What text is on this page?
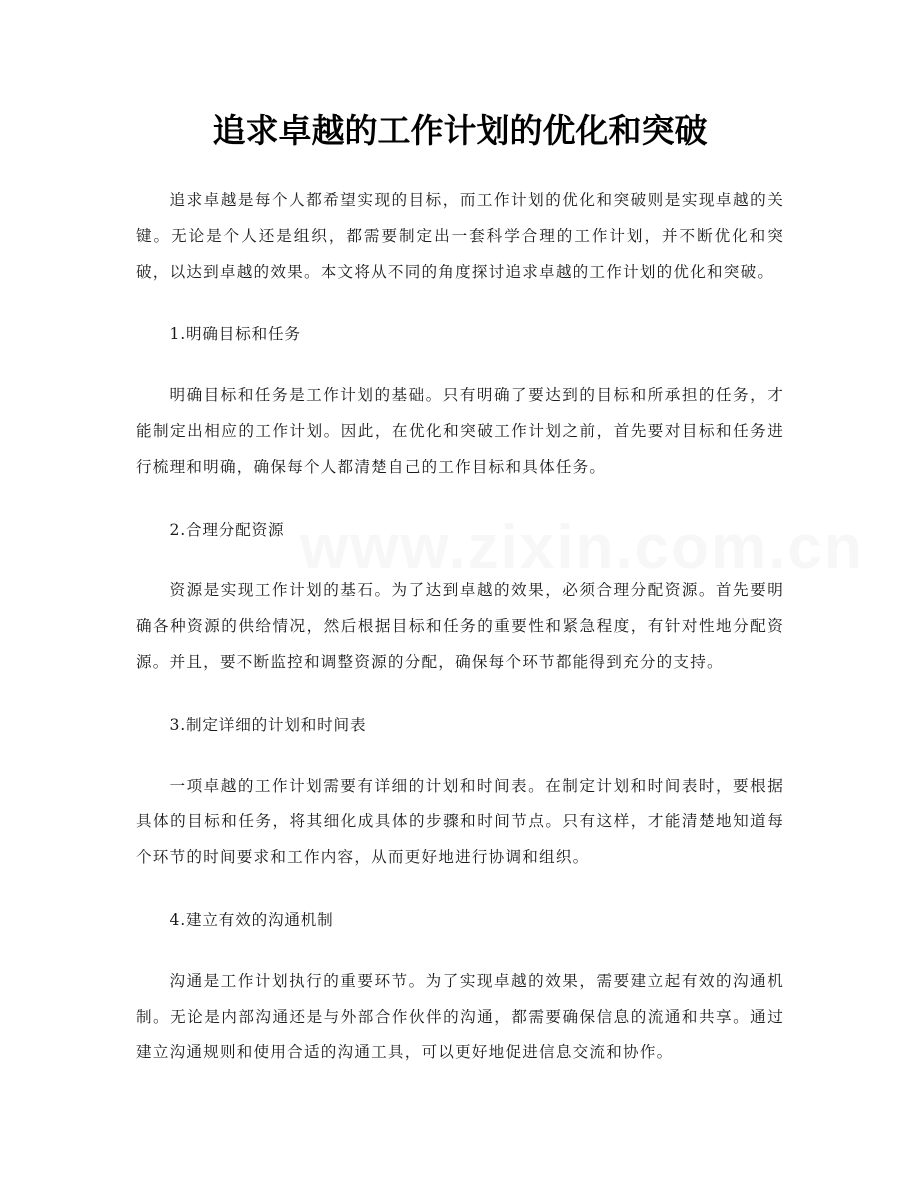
www.zixin.com.cn
追求卓越的工作计划的优化和突破

追求卓越是每个人都希望实现的目标，而工作计划的优化和突破则是实现卓越的关键。无论是个人还是组织，都需要制定出一套科学合理的工作计划，并不断优化和突破，以达到卓越的效果。本文将从不同的角度探讨追求卓越的工作计划的优化和突破。

1.明确目标和任务

明确目标和任务是工作计划的基础。只有明确了要达到的目标和所承担的任务，才能制定出相应的工作计划。因此，在优化和突破工作计划之前，首先要对目标和任务进行梳理和明确，确保每个人都清楚自己的工作目标和具体任务。

2.合理分配资源

资源是实现工作计划的基石。为了达到卓越的效果，必须合理分配资源。首先要明确各种资源的供给情况，然后根据目标和任务的重要性和紧急程度，有针对性地分配资源。并且，要不断监控和调整资源的分配，确保每个环节都能得到充分的支持。

3.制定详细的计划和时间表

一项卓越的工作计划需要有详细的计划和时间表。在制定计划和时间表时，要根据具体的目标和任务，将其细化成具体的步骤和时间节点。只有这样，才能清楚地知道每个环节的时间要求和工作内容，从而更好地进行协调和组织。

4.建立有效的沟通机制

沟通是工作计划执行的重要环节。为了实现卓越的效果，需要建立起有效的沟通机制。无论是内部沟通还是与外部合作伙伴的沟通，都需要确保信息的流通和共享。通过建立沟通规则和使用合适的沟通工具，可以更好地促进信息交流和协作。
